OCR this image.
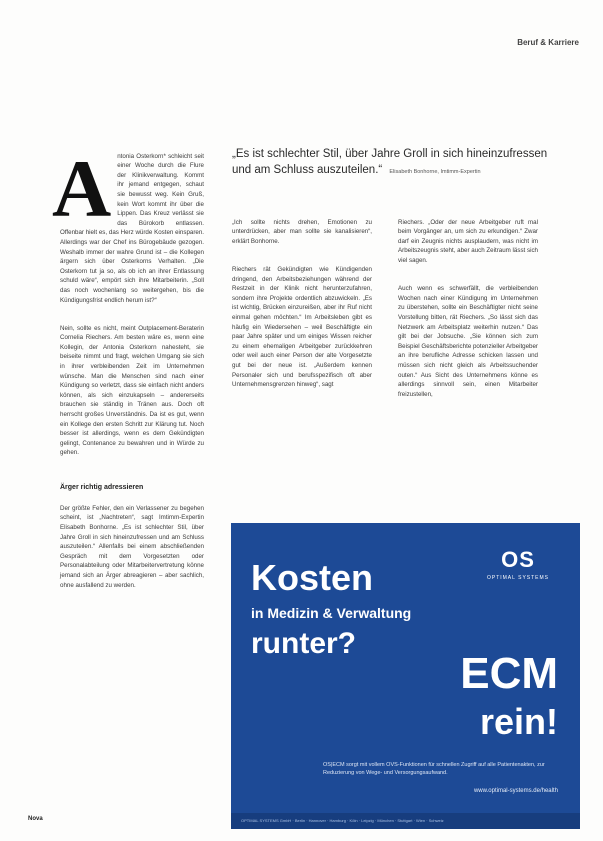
Beruf & Karriere
„Es ist schlechter Stil, über Jahre Groll in sich hineinzufressen und am Schluss auszuteilen.“ Elisabeth Bonhorne, Imtimm-Expertin

Antonia Osterkorn* schleicht seit einer Woche durch die Flure der Klinikverwaltung. Kommt ihr jemand entgegen, schaut sie bewusst weg. Kein Gruß, kein Wort kommt ihr über die Lippen. Das Kreuz verlässt sie das Bürokorb entlassen. Offenbar hielt es, das Herz würde Kosten einsparen. Allerdings war der Chef ins Bürogebäude gezogen. Weshalb immer der wahre Grund ist – die Kollegen ärgern sich über Osterkorns Verhalten. „Die Osterkorn tut ja so, als ob ich an ihrer Entlassung schuld wäre“, empört sich ihre Mitarbeiterin. „Soll das noch wochenlang so weitergehen, bis die Kündigungsfrist endlich herum ist?“

Nein, sollte es nicht, meint Outplacement-Beraterin Cornelia Riechers. Am besten wäre es, wenn eine Kollegin, der Antonia Osterkorn nahesteht, sie beiseite nimmt und fragt, welchen Umgang sie sich in ihrer verbleibenden Zeit im Unternehmen wünsche. Man die Menschen sind nach einer Kündigung so verletzt, dass sie einfach nicht anders können, als sich einzukapseln – andererseits brauchen sie ständig in Tränen aus. Doch oft herrscht großes Unverständnis. Da ist es gut, wenn ein Kollege den ersten Schritt zur Klärung tut. Noch besser ist allerdings, wenn es dem Gekündigten gelingt, Contenance zu bewahren und in Würde zu gehen.

Ärger richtig adressieren

Der größte Fehler, den ein Verlassener zu begehen scheint, ist „Nachtreten“, sagt Imtimm-Expertin Elisabeth Bonhorne. „Es ist schlechter Stil, über Jahre Groll in sich hineinzufressen und am Schluss auszuteilen.“ Allenfalls bei einem abschließenden Gespräch mit dem Vorgesetzten oder Personalabteilung oder Mitarbeitervertretung könne jemand sich an Ärger abreagieren – aber sachlich, ohne ausfallend zu werden.

„Ich sollte nichts drehen, Emotionen zu unterdrücken, aber man sollte sie kanalisieren“, erklärt Bonhorne.

Riechers rät Gekündigten wie Kündigenden dringend, den Arbeitsbeziehungen während der Restzeit in der Klinik nicht herunterzufahren, sondern ihre Projekte ordentlich abzuwickeln. „Es ist wichtig, Brücken einzureißen, aber ihr Ruf nicht einmal gehen möchten.“ Im Arbeitsleben gibt es häufig ein Wiedersehen – weil Beschäftigte ein paar Jahre später und um einiges Wissen reicher zu einem ehemaligen Arbeitgeber zurückkehren oder weil auch einer Person der alte Vorgesetzte gut bei der neue ist. „Außerdem kennen Personaler sich und berufsspezifisch oft aber Unternehmensgrenzen hinweg“, sagt

Riechers. „Oder der neue Arbeitgeber ruft mal beim Vorgänger an, um sich zu erkundigen.“ Zwar darf ein Zeugnis nichts ausplaudern, was nicht im Arbeitszeugnis steht, aber auch Zeitraum lässt sich viel sagen.

Auch wenn es schwerfällt, die verbleibenden Wochen nach einer Kündigung im Unternehmen zu überstehen, sollte ein Beschäftigter nicht seine Vorstellung bitten, rät Riechers. „So lässt sich das Netzwerk am Arbeitsplatz weiterhin nutzen.“ Das gilt bei der Jobsuche. „Sie können sich zum Beispiel Geschäftsberichte potenzieller Arbeitgeber an ihre berufliche Adresse schicken lassen und müssen sich nicht gleich als Arbeitssuchender outen.“ Aus Sicht des Unternehmens könne es allerdings sinnvoll sein, einen Mitarbeiter freizustellen,

OS
OPTIMAL SYSTEMS
Kosten
in Medizin & Verwaltung
runter?
ECM
rein!
OS|ECM sorgt mit vollem OVS-Funktionen für schnellen Zugriff auf alle Patientenakten, zur Reduzierung von Wege- und Versorgungsaufwand.
www.optimal-systems.de/health
OPTIMAL SYSTEMS GmbH · Berlin · Hannover · Hamburg · Köln · Leipzig · München · Stuttgart · Wien · Schweiz
Nova
